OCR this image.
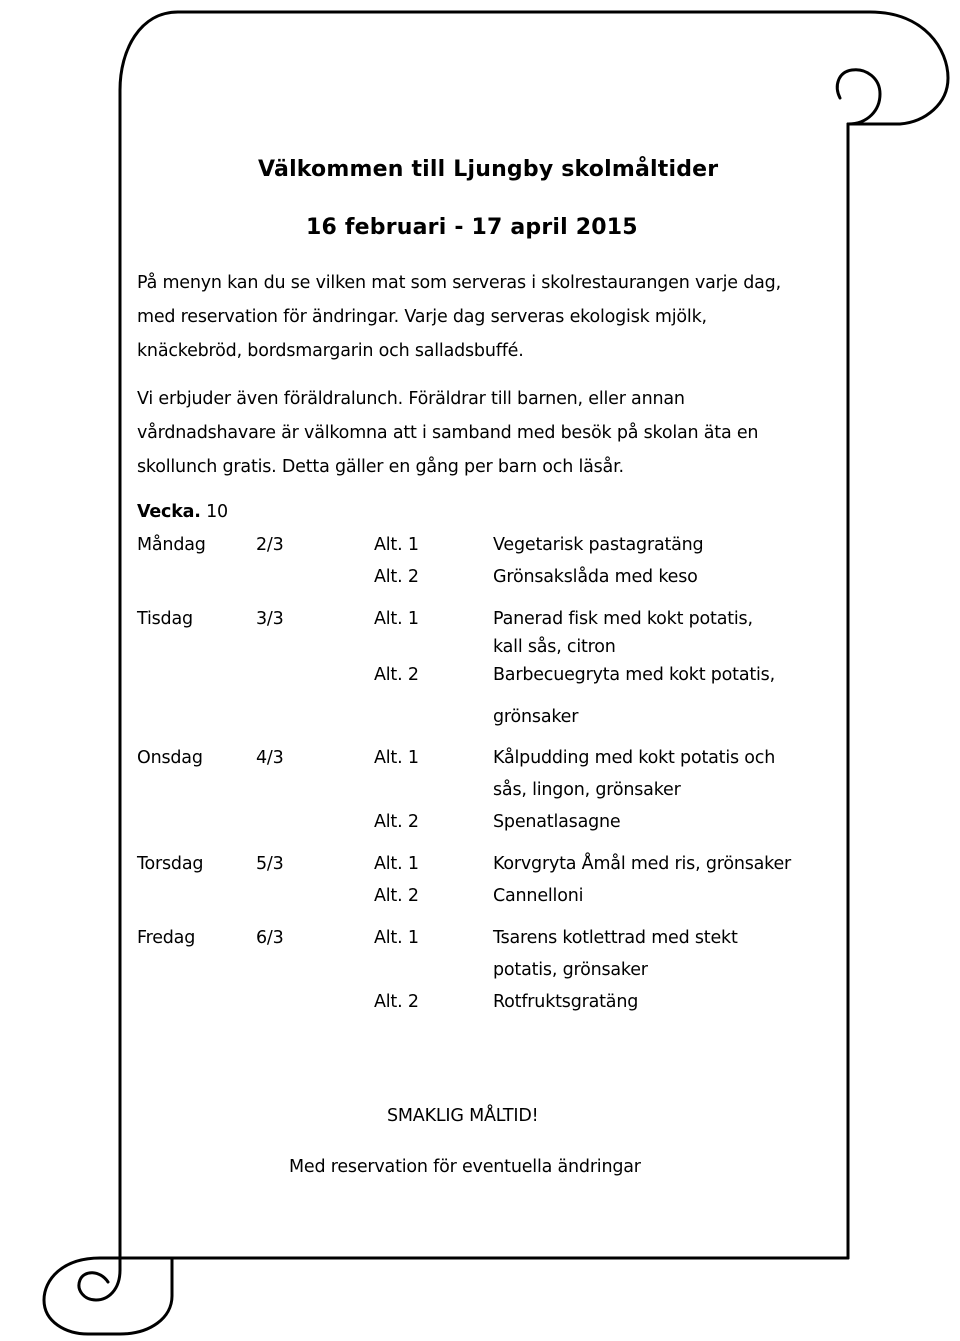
Välkommen till Ljungby skolmåltider
16 februari - 17 april 2015
På menyn kan du se vilken mat som serveras i skolrestaurangen varje dag,
med reservation för ändringar. Varje dag serveras ekologisk mjölk,
knäckebröd, bordsmargarin och salladsbuffé.
Vi erbjuder även föräldralunch. Föräldrar till barnen, eller annan
vårdnadshavare är välkomna att i samband med besök på skolan äta en
skollunch gratis. Detta gäller en gång per barn och läsår.
Vecka. 10
Måndag	2/3	Alt. 1	Vegetarisk pastagratäng
Alt. 2	Grönsakslåda med keso
Tisdag	3/3	Alt. 1	Panerad fisk med kokt potatis,
kall sås, citron
Alt. 2	Barbecuegryta med kokt potatis,
grönsaker
Onsdag	4/3	Alt. 1	Kålpudding med kokt potatis och
sås, lingon, grönsaker
Alt. 2	Spenatlasagne
Torsdag	5/3	Alt. 1	Korvgryta Åmål med ris, grönsaker
Alt. 2	Cannelloni
Fredag	6/3	Alt. 1	Tsarens kotlettrad med stekt
potatis, grönsaker
Alt. 2	Rotfruktsgratäng
SMAKLIG MÅLTID!
Med reservation för eventuella ändringar
